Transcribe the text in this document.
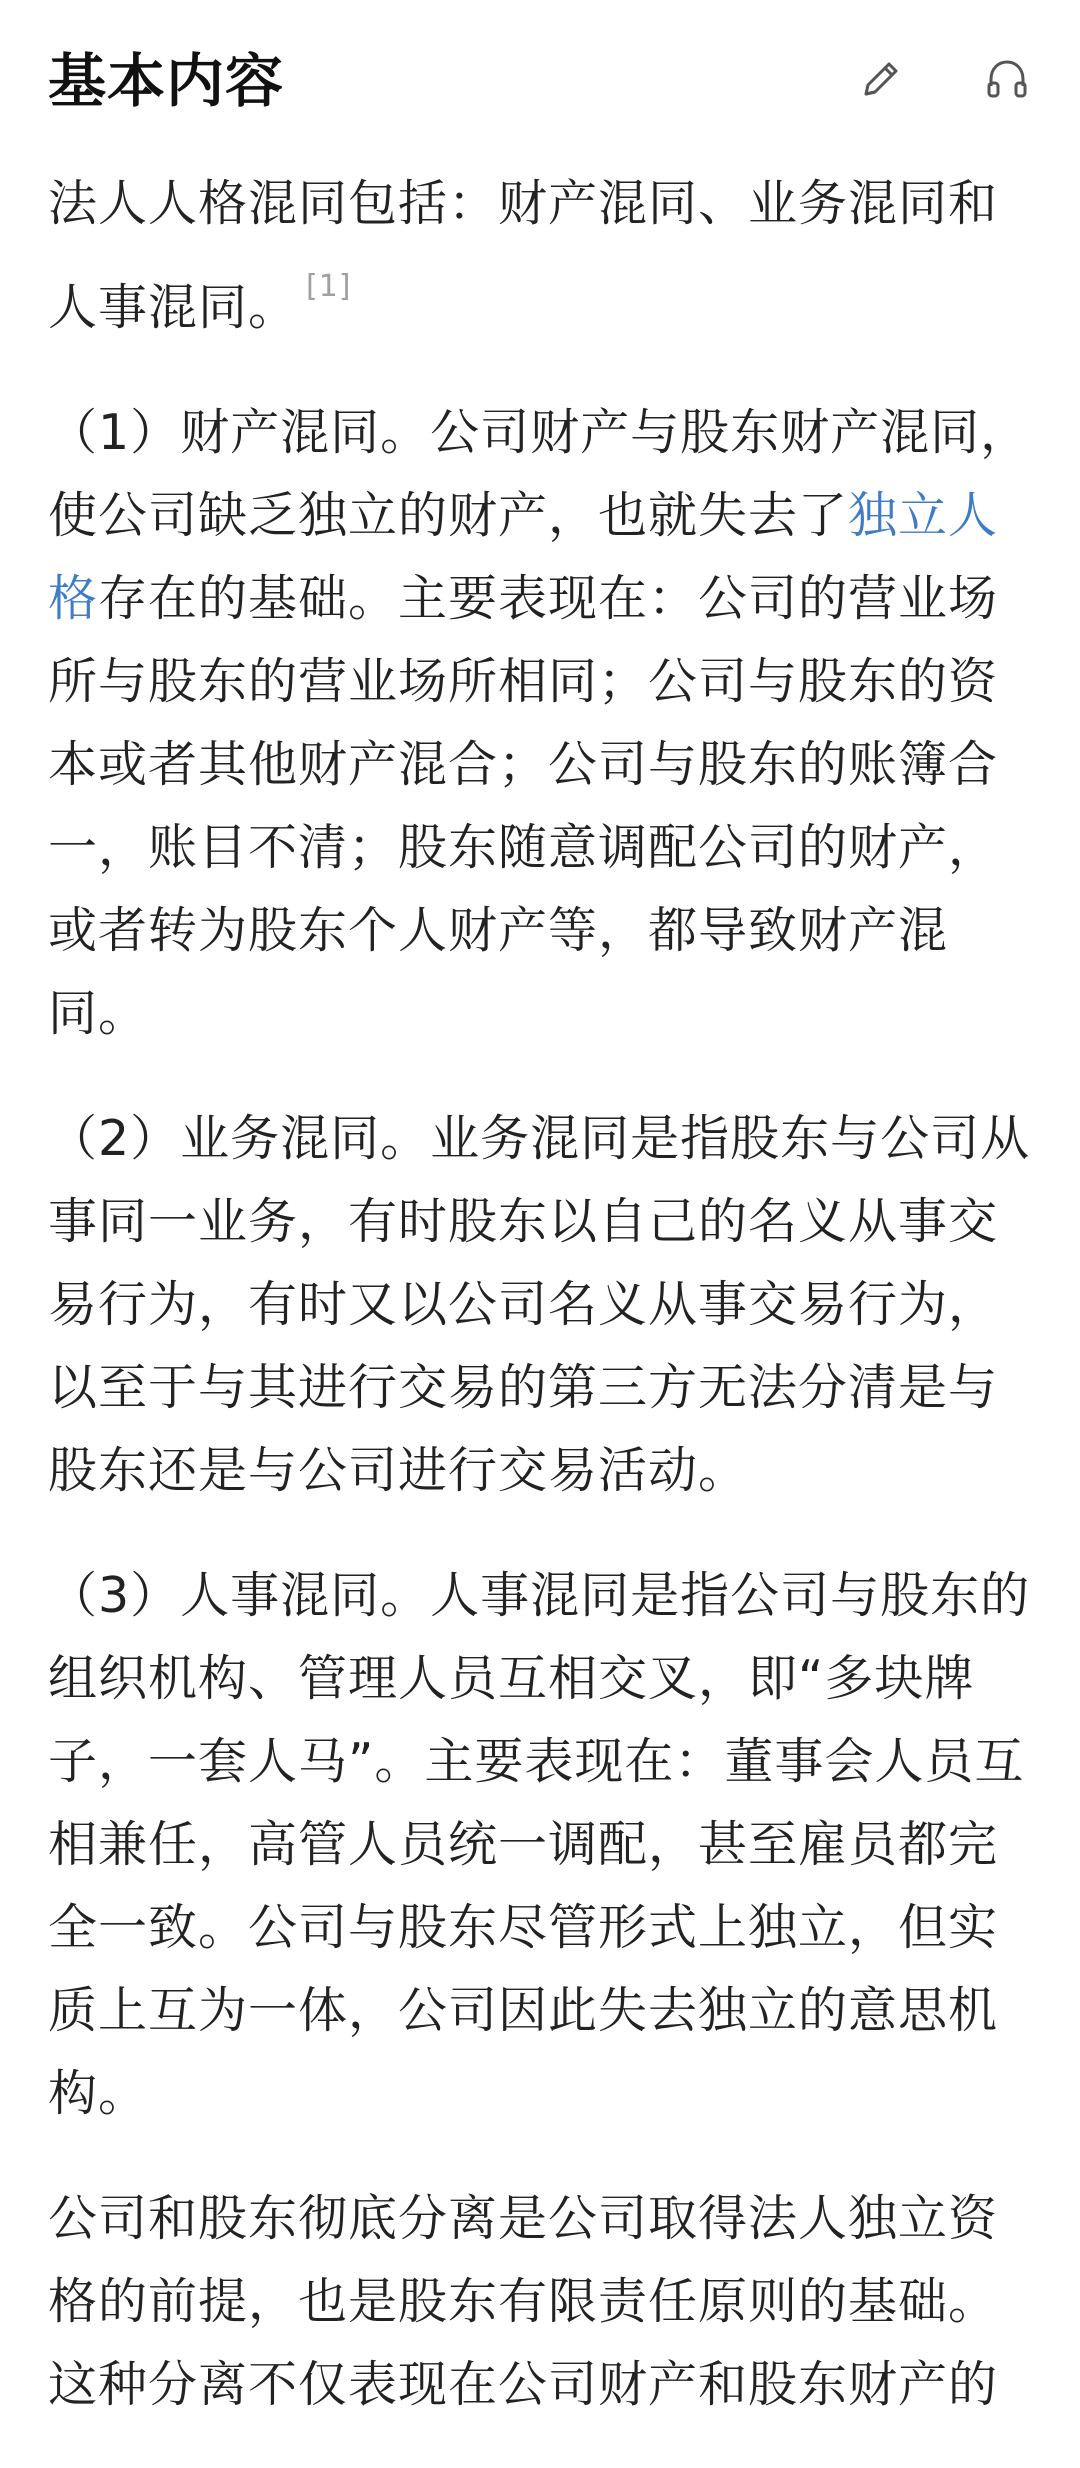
基本内容

法人人格混同包括：财产混同、业务混同和人事混同。 [1]

（1）财产混同。公司财产与股东财产混同，使公司缺乏独立的财产，也就失去了独立人格存在的基础。主要表现在：公司的营业场所与股东的营业场所相同；公司与股东的资本或者其他财产混合；公司与股东的账簿合一，账目不清；股东随意调配公司的财产，或者转为股东个人财产等，都导致财产混同。

（2）业务混同。业务混同是指股东与公司从事同一业务，有时股东以自己的名义从事交易行为，有时又以公司名义从事交易行为，以至于与其进行交易的第三方无法分清是与股东还是与公司进行交易活动。

（3）人事混同。人事混同是指公司与股东的组织机构、管理人员互相交叉，即“多块牌子，一套人马”。主要表现在：董事会人员互相兼任，高管人员统一调配，甚至雇员都完全一致。公司与股东尽管形式上独立，但实质上互为一体，公司因此失去独立的意思机构。

公司和股东彻底分离是公司取得法人独立资格的前提，也是股东有限责任原则的基础。这种分离不仅表现在公司财产和股东财产的
